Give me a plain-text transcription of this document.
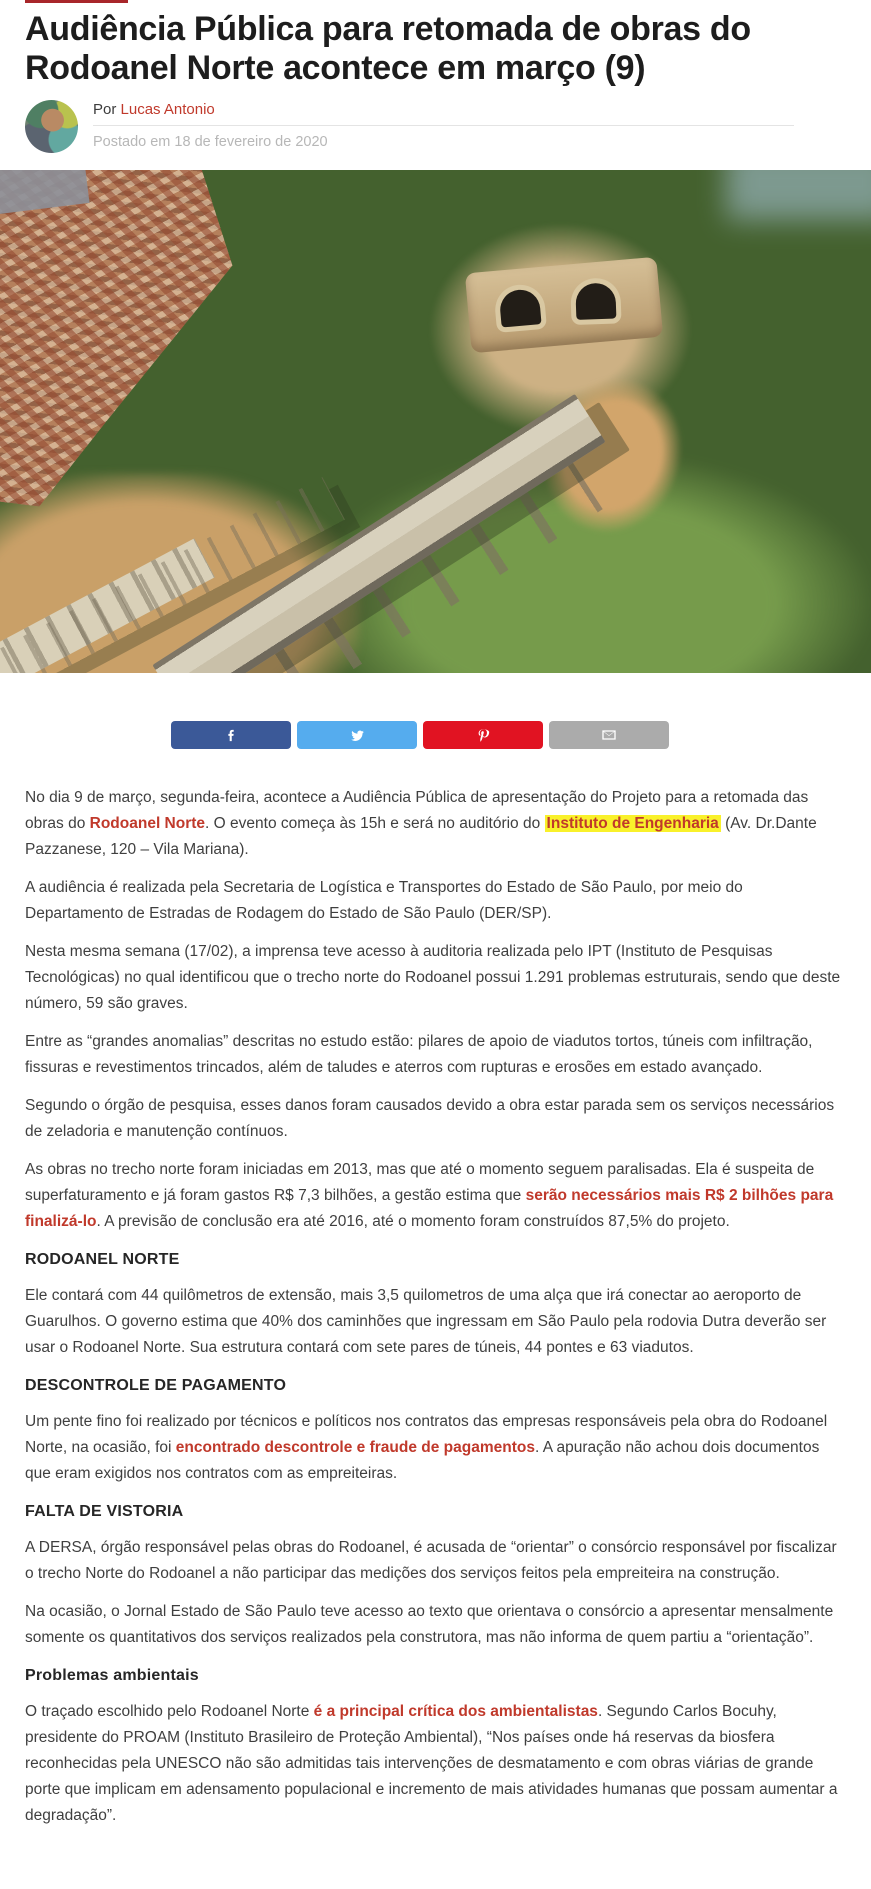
Audiência Pública para retomada de obras do Rodoanel Norte acontece em março (9)
Por Lucas Antonio
Postado em 18 de fevereiro de 2020

No dia 9 de março, segunda-feira, acontece a Audiência Pública de apresentação do Projeto para a retomada das obras do Rodoanel Norte. O evento começa às 15h e será no auditório do Instituto de Engenharia (Av. Dr.Dante Pazzanese, 120 – Vila Mariana).

A audiência é realizada pela Secretaria de Logística e Transportes do Estado de São Paulo, por meio do Departamento de Estradas de Rodagem do Estado de São Paulo (DER/SP).

Nesta mesma semana (17/02), a imprensa teve acesso à auditoria realizada pelo IPT (Instituto de Pesquisas Tecnológicas) no qual identificou que o trecho norte do Rodoanel possui 1.291 problemas estruturais, sendo que deste número, 59 são graves.

Entre as “grandes anomalias” descritas no estudo estão: pilares de apoio de viadutos tortos, túneis com infiltração, fissuras e revestimentos trincados, além de taludes e aterros com rupturas e erosões em estado avançado.

Segundo o órgão de pesquisa, esses danos foram causados devido a obra estar parada sem os serviços necessários de zeladoria e manutenção contínuos.

As obras no trecho norte foram iniciadas em 2013, mas que até o momento seguem paralisadas. Ela é suspeita de superfaturamento e já foram gastos R$ 7,3 bilhões, a gestão estima que serão necessários mais R$ 2 bilhões para finalizá-lo. A previsão de conclusão era até 2016, até o momento foram construídos 87,5% do projeto.

RODOANEL NORTE

Ele contará com 44 quilômetros de extensão, mais 3,5 quilometros de uma alça que irá conectar ao aeroporto de Guarulhos. O governo estima que 40% dos caminhões que ingressam em São Paulo pela rodovia Dutra deverão ser usar o Rodoanel Norte. Sua estrutura contará com sete pares de túneis, 44 pontes e 63 viadutos.

DESCONTROLE DE PAGAMENTO

Um pente fino foi realizado por técnicos e políticos nos contratos das empresas responsáveis pela obra do Rodoanel Norte, na ocasião, foi encontrado descontrole e fraude de pagamentos. A apuração não achou dois documentos que eram exigidos nos contratos com as empreiteiras.

FALTA DE VISTORIA

A DERSA, órgão responsável pelas obras do Rodoanel, é acusada de “orientar” o consórcio responsável por fiscalizar o trecho Norte do Rodoanel a não participar das medições dos serviços feitos pela empreiteira na construção.

Na ocasião, o Jornal Estado de São Paulo teve acesso ao texto que orientava o consórcio a apresentar mensalmente somente os quantitativos dos serviços realizados pela construtora, mas não informa de quem partiu a “orientação”.

Problemas ambientais

O traçado escolhido pelo Rodoanel Norte é a principal crítica dos ambientalistas. Segundo Carlos Bocuhy, presidente do PROAM (Instituto Brasileiro de Proteção Ambiental), “Nos países onde há reservas da biosfera reconhecidas pela UNESCO não são admitidas tais intervenções de desmatamento e com obras viárias de grande porte que implicam em adensamento populacional e incremento de mais atividades humanas que possam aumentar a degradação”.
